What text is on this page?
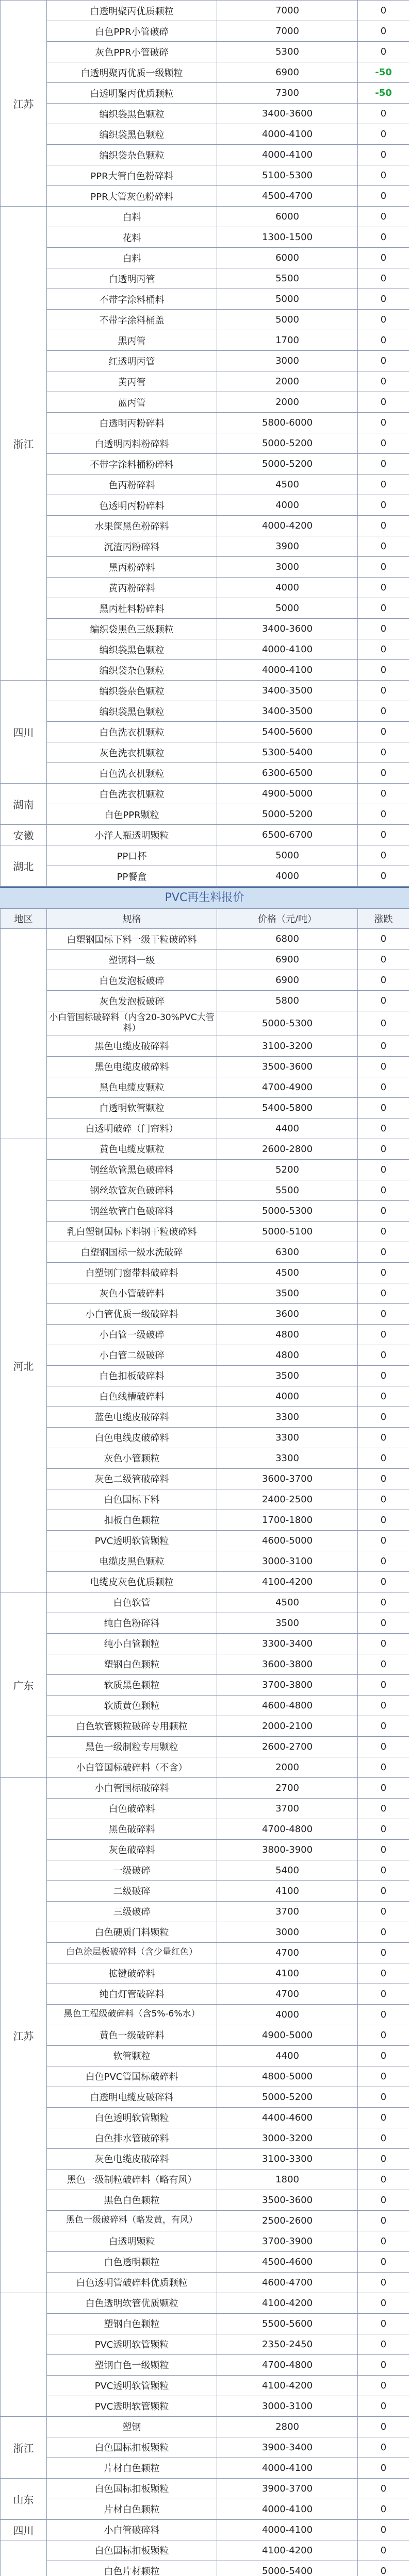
江苏	白透明聚丙优质颗粒	7000	0
	白色PPR小管破碎	7000	0
	灰色PPR小管破碎	5300	0
	白透明聚丙优质一级颗粒	6900	-50
	白透明聚丙优质颗粒	7300	-50
	编织袋黑色颗粒	3400-3600	0
	编织袋黑色颗粒	4000-4100	0
	编织袋杂色颗粒	4000-4100	0
	PPR大管白色粉碎料	5100-5300	0
	PPR大管灰色粉碎料	4500-4700	0
浙江	白料	6000	0
	花料	1300-1500	0
	白料	6000	0
	白透明丙管	5500	0
	不带字涂料桶料	5000	0
	不带字涂料桶盖	5000	0
	黑丙管	1700	0
	红透明丙管	3000	0
	黄丙管	2000	0
	蓝丙管	2000	0
	白透明丙粉碎料	5800-6000	0
	白透明丙料粉碎料	5000-5200	0
	不带字涂料桶粉碎料	5000-5200	0
	色丙粉碎料	4500	0
	色透明丙粉碎料	4000	0
	水果筐黑色粉碎料	4000-4200	0
	沉渣丙粉碎料	3900	0
	黑丙粉碎料	3000	0
	黄丙粉碎料	4000	0
	黑丙杜料粉碎料	5000	0
	编织袋黑色三级颗粒	3400-3600	0
	编织袋黑色颗粒	4000-4100	0
	编织袋杂色颗粒	4000-4100	0
四川	编织袋杂色颗粒	3400-3500	0
	编织袋黑色颗粒	3400-3500	0
	白色洗衣机颗粒	5400-5600	0
	灰色洗衣机颗粒	5300-5400	0
	白色洗衣机颗粒	6300-6500	0
湖南	白色洗衣机颗粒	4900-5000	0
	白色PPR颗粒	5000-5200	0
安徽	小洋人瓶透明颗粒	6500-6700	0
湖北	PP口杯	5000	0
	PP餐盒	4000	0
PVC再生料报价
地区	规格	价格（元/吨）	涨跌
	白塑钢国标下料一级干粒破碎料	6800	0
	塑钢料一级	6900	0
	白色发泡板破碎	6900	0
	灰色发泡板破碎	5800	0
	小白管国标破碎料（内含20-30%PVC大管料）	5000-5300	0
	黑色电缆皮破碎料	3100-3200	0
	黑色电缆皮破碎料	3500-3600	0
	黑色电缆皮颗粒	4700-4900	0
	白透明软管颗粒	5400-5800	0
	白透明破碎（门帘料）	4400	0
河北	黄色电缆皮颗粒	2600-2800	0
	钢丝软管黑色破碎料	5200	0
	钢丝软管灰色破碎料	5500	0
	钢丝软管白色破碎料	5000-5300	0
	乳白塑钢国标下料钢干粒破碎料	5000-5100	0
	白塑钢国标一级水洗破碎	6300	0
	白塑钢门窗带料破碎料	4500	0
	灰色小管破碎料	3500	0
	小白管优质一级破碎料	3600	0
	小白管一级破碎	4800	0
	小白管二级破碎	4800	0
	白色扣板破碎料	3500	0
	白色线槽破碎料	4000	0
	蓝色电缆皮破碎料	3300	0
	白色电线皮破碎料	3300	0
	灰色小管颗粒	3300	0
	灰色二级管破碎料	3600-3700	0
	白色国标下料	2400-2500	0
	扣板白色颗粒	1700-1800	0
	PVC透明软管颗粒	4600-5000	0
	电缆皮黑色颗粒	3000-3100	0
	电缆皮灰色优质颗粒	4100-4200	0
广东	白色软管	4500	0
	纯白色粉碎料	3500	0
	纯小白管颗粒	3300-3400	0
	塑钢白色颗粒	3600-3800	0
	软质黑色颗粒	3700-3800	0
	软质黄色颗粒	4600-4800	0
	白色软管颗粒破碎专用颗粒	2000-2100	0
	黑色一级制粒专用颗粒	2600-2700	0
	小白管国标破碎料（不含）	2000	0
江苏	小白管国标破碎料	2700	0
	白色破碎料	3700	0
	黑色破碎料	4700-4800	0
	灰色破碎料	3800-3900	0
	一级破碎	5400	0
	二级破碎	4100	0
	三级破碎	3700	0
	白色硬质门料颗粒	3000	0
	白色涂层板破碎料（含少量红色）	4700	0
	拡键破碎料	4100	0
	纯白灯管破碎料	4700	0
	黑色工程级破碎料（含5%-6%水）	4000	0
	黄色一级破碎料	4900-5000	0
	软管颗粒	4400	0
	白色PVC管国标破碎料	4800-5000	0
	白透明电缆皮破碎料	5000-5200	0
	白色透明软管颗粒	4400-4600	0
	白色排水管破碎料	3000-3200	0
	灰色电缆皮破碎料	3100-3300	0
	黑色一级制粒破碎料（略有风）	1800	0
	黑色白色颗粒	3500-3600	0
	黑色一级破碎料（略发黄，有风）	2500-2600	0
	白透明颗粒	3700-3900	0
	白色透明颗粒	4500-4600	0
	白色透明管破碎料优质颗粒	4600-4700	0
	白色透明软管优质颗粒	4100-4200	0
	塑钢白色颗粒	5500-5600	0
	PVC透明软管颗粒	2350-2450	0
	塑钢白色一级颗粒	4700-4800	0
	PVC透明软管颗粒	4100-4200	0
	PVC透明软管颗粒	3000-3100	0
浙江	塑钢	2800	0
	白色国标扣板颗粒	3900-3400	0
	片材白色颗粒	4000-4100	0
山东	白色国标扣板颗粒	3900-3700	0
	片材白色颗粒	4000-4100	0
四川	小白管破碎料	4000-4100	0
	白色国标扣板颗粒	4100-4200	0
	白色片材颗粒	5000-5400	0
